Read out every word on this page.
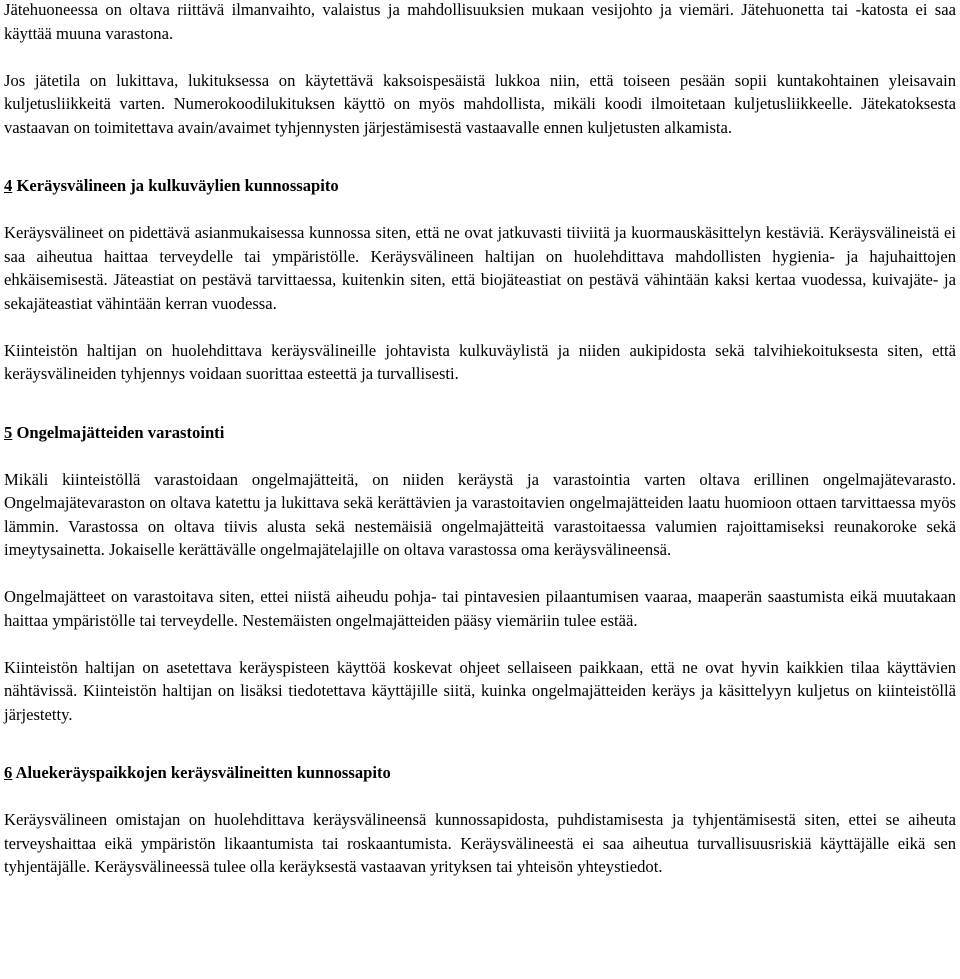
Jätehuoneessa on oltava riittävä ilmanvaihto, valaistus ja mahdollisuuksien mukaan vesijohto ja viemäri. Jätehuonetta tai -katosta ei saa käyttää muuna varastona.

Jos jätetila on lukittava, lukituksessa on käytettävä kaksoispesäistä lukkoa niin, että toiseen pesään sopii kuntakohtainen yleisavain kuljetusliikkeitä varten. Numerokoodilukituksen käyttö on myös mahdollista, mikäli koodi ilmoitetaan kuljetusliikkeelle. Jätekatoksesta vastaavan on toimitettava avain/avaimet tyhjennysten järjestämisestä vastaavalle ennen kuljetusten alkamista.

4 Keräysvälineen ja kulkuväylien kunnossapito

Keräysvälineet on pidettävä asianmukaisessa kunnossa siten, että ne ovat jatkuvasti tiiviitä ja kuormauskäsittelyn kestäviä. Keräysvälineistä ei saa aiheutua haittaa terveydelle tai ympäristölle. Keräysvälineen haltijan on huolehdittava mahdollisten hygienia- ja hajuhaittojen ehkäisemisestä. Jäteastiat on pestävä tarvittaessa, kuitenkin siten, että biojäteastiat on pestävä vähintään kaksi kertaa vuodessa, kuivajäte- ja sekajäteastiat vähintään kerran vuodessa.

Kiinteistön haltijan on huolehdittava keräysvälineille johtavista kulkuväylistä ja niiden aukipidosta sekä talvihiekoituksesta siten, että keräysvälineiden tyhjennys voidaan suorittaa esteettä ja turvallisesti.

5 Ongelmajätteiden varastointi

Mikäli kiinteistöllä varastoidaan ongelmajätteitä, on niiden keräystä ja varastointia varten oltava erillinen ongelmajätevarasto. Ongelmajätevaraston on oltava katettu ja lukittava sekä kerättävien ja varastoitavien ongelmajätteiden laatu huomioon ottaen tarvittaessa myös lämmin. Varastossa on oltava tiivis alusta sekä nestemäisiä ongelmajätteitä varastoitaessa valumien rajoittamiseksi reunakoroke sekä imeytysainetta. Jokaiselle kerättävälle ongelmajätelajille on oltava varastossa oma keräysvälineensä.

Ongelmajätteet on varastoitava siten, ettei niistä aiheudu pohja- tai pintavesien pilaantumisen vaaraa, maaperän saastumista eikä muutakaan haittaa ympäristölle tai terveydelle. Nestemäisten ongelmajätteiden pääsy viemäriin tulee estää.

Kiinteistön haltijan on asetettava keräyspisteen käyttöä koskevat ohjeet sellaiseen paikkaan, että ne ovat hyvin kaikkien tilaa käyttävien nähtävissä. Kiinteistön haltijan on lisäksi tiedotettava käyttäjille siitä, kuinka ongelmajätteiden keräys ja käsittelyyn kuljetus on kiinteistöllä järjestetty.

6 Aluekeräyspaikkojen keräysvälineitten kunnossapito

Keräysvälineen omistajan on huolehdittava keräysvälineensä kunnossapidosta, puhdistamisesta ja tyhjentämisestä siten, ettei se aiheuta terveyshaittaa eikä ympäristön likaantumista tai roskaantumista. Keräysvälineestä ei saa aiheutua turvallisuusriskiä käyttäjälle eikä sen tyhjentäjälle. Keräysvälineessä tulee olla keräyksestä vastaavan yrityksen tai yhteisön yhteystiedot.
